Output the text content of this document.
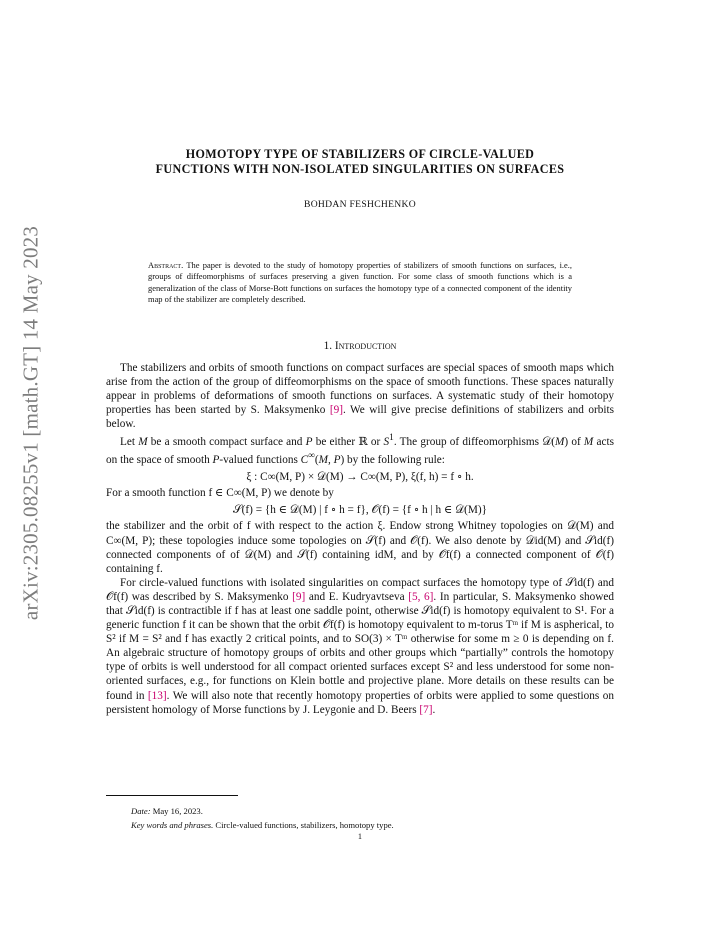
arXiv:2305.08255v1 [math.GT] 14 May 2023
HOMOTOPY TYPE OF STABILIZERS OF CIRCLE-VALUED
FUNCTIONS WITH NON-ISOLATED SINGULARITIES ON SURFACES
BOHDAN FESHCHENKO
Abstract. The paper is devoted to the study of homotopy properties of stabilizers of smooth functions on surfaces, i.e., groups of diffeomorphisms of surfaces preserving a given function. For some class of smooth functions which is a generalization of the class of Morse-Bott functions on surfaces the homotopy type of a connected component of the identity map of the stabilizer are completely described.
1. Introduction

The stabilizers and orbits of smooth functions on compact surfaces are special spaces of smooth maps which arise from the action of the group of diffeomorphisms on the space of smooth functions. These spaces naturally appear in problems of deformations of smooth functions on surfaces. A systematic study of their homotopy properties has been started by S. Maksymenko [9]. We will give precise definitions of stabilizers and orbits below.

Let M be a smooth compact surface and P be either ℝ or $S^1$. The group of diffeomorphisms 𝒟(M) of M acts on the space of smooth P-valued functions C∞(M, P) by the following rule:

ξ : C∞(M, P) × 𝒟(M) → C∞(M, P), ξ(f, h) = f ∘ h.

For a smooth function f ∈ C∞(M, P) we denote by

𝒮(f) = {h ∈ 𝒟(M) | f ∘ h = f}, 𝒪(f) = {f ∘ h | h ∈ 𝒟(M)}

the stabilizer and the orbit of f with respect to the action ξ. Endow strong Whitney topologies on 𝒟(M) and C∞(M, P); these topologies induce some topologies on 𝒮(f) and 𝒪(f). We also denote by 𝒟id(M) and 𝒮id(f) connected components of of 𝒟(M) and 𝒮(f) containing idM, and by 𝒪f(f) a connected component of 𝒪(f) containing f.

For circle-valued functions with isolated singularities on compact surfaces the homotopy type of 𝒮id(f) and 𝒪f(f) was described by S. Maksymenko [9] and E. Kudryavtseva [5, 6]. In particular, S. Maksymenko showed that 𝒮id(f) is contractible if f has at least one saddle point, otherwise 𝒮id(f) is homotopy equivalent to S¹. For a generic function f it can be shown that the orbit 𝒪f(f) is homotopy equivalent to m-torus Tᵐ if M is aspherical, to S² if M = S² and f has exactly 2 critical points, and to SO(3) × Tᵐ otherwise for some m ≥ 0 is depending on f. An algebraic structure of homotopy groups of orbits and other groups which “partially” controls the homotopy type of orbits is well understood for all compact oriented surfaces except S² and less understood for some non-oriented surfaces, e.g., for functions on Klein bottle and projective plane. More details on these results can be found in [13]. We will also note that recently homotopy properties of orbits were applied to some questions on persistent homology of Morse functions by J. Leygonie and D. Beers [7].

Date: May 16, 2023.
Key words and phrases. Circle-valued functions, stabilizers, homotopy type.
1
